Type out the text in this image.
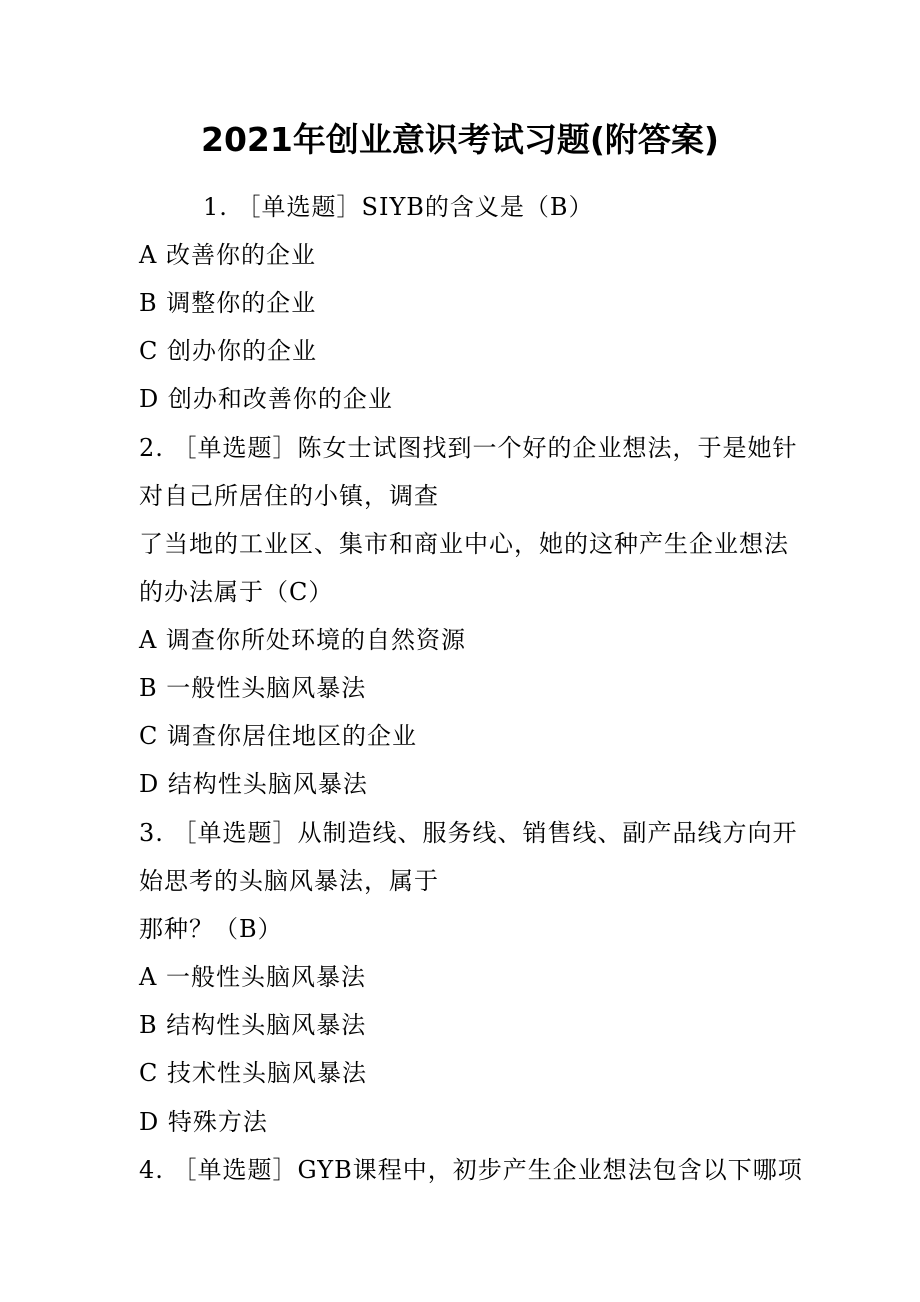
2021年创业意识考试习题(附答案)
1. ［单选题］SIYB的含义是（B）
A 改善你的企业
B 调整你的企业
C 创办你的企业
D 创办和改善你的企业
2. ［单选题］陈女士试图找到一个好的企业想法，于是她针
对自己所居住的小镇，调查
了当地的工业区、集市和商业中心，她的这种产生企业想法
的办法属于（C）
A 调查你所处环境的自然资源
B 一般性头脑风暴法
C 调查你居住地区的企业
D 结构性头脑风暴法
3. ［单选题］从制造线、服务线、销售线、副产品线方向开
始思考的头脑风暴法，属于
那种？（B）
A 一般性头脑风暴法
B 结构性头脑风暴法
C 技术性头脑风暴法
D 特殊方法
4. ［单选题］GYB课程中，初步产生企业想法包含以下哪项
